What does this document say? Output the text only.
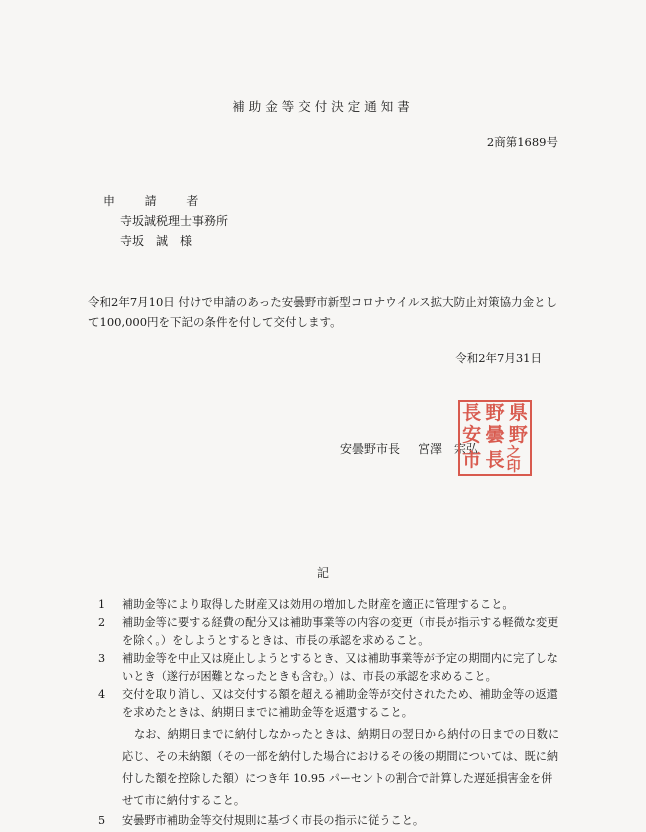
補助金等交付決定通知書
2商第1689号
申 請 者
寺坂誠税理士事務所
寺坂　誠　様
令和2年7月10日 付けで申請のあった安曇野市新型コロナウイルス拡大防止対策協力金として100,000円を下記の条件を付して交付します。
令和2年7月31日
安曇野市長 宮澤　宗弘
長 野 県
安 曇 野
市 長 之印
記
1 補助金等により取得した財産又は効用の増加した財産を適正に管理すること。
2 補助金等に要する経費の配分又は補助事業等の内容の変更（市長が指示する軽微な変更を除く。）をしようとするときは、市長の承認を求めること。
3 補助金等を中止又は廃止しようとするとき、又は補助事業等が予定の期間内に完了しないとき（遂行が困難となったときも含む。）は、市長の承認を求めること。
4 交付を取り消し、又は交付する額を超える補助金等が交付されたため、補助金等の返還を求めたときは、納期日までに補助金等を返還すること。
なお、納期日までに納付しなかったときは、納期日の翌日から納付の日までの日数に応じ、その未納額（その一部を納付した場合におけるその後の期間については、既に納付した額を控除した額）につき年 10.95 パーセントの割合で計算した遅延損害金を併せて市に納付すること。
5 安曇野市補助金等交付規則に基づく市長の指示に従うこと。
